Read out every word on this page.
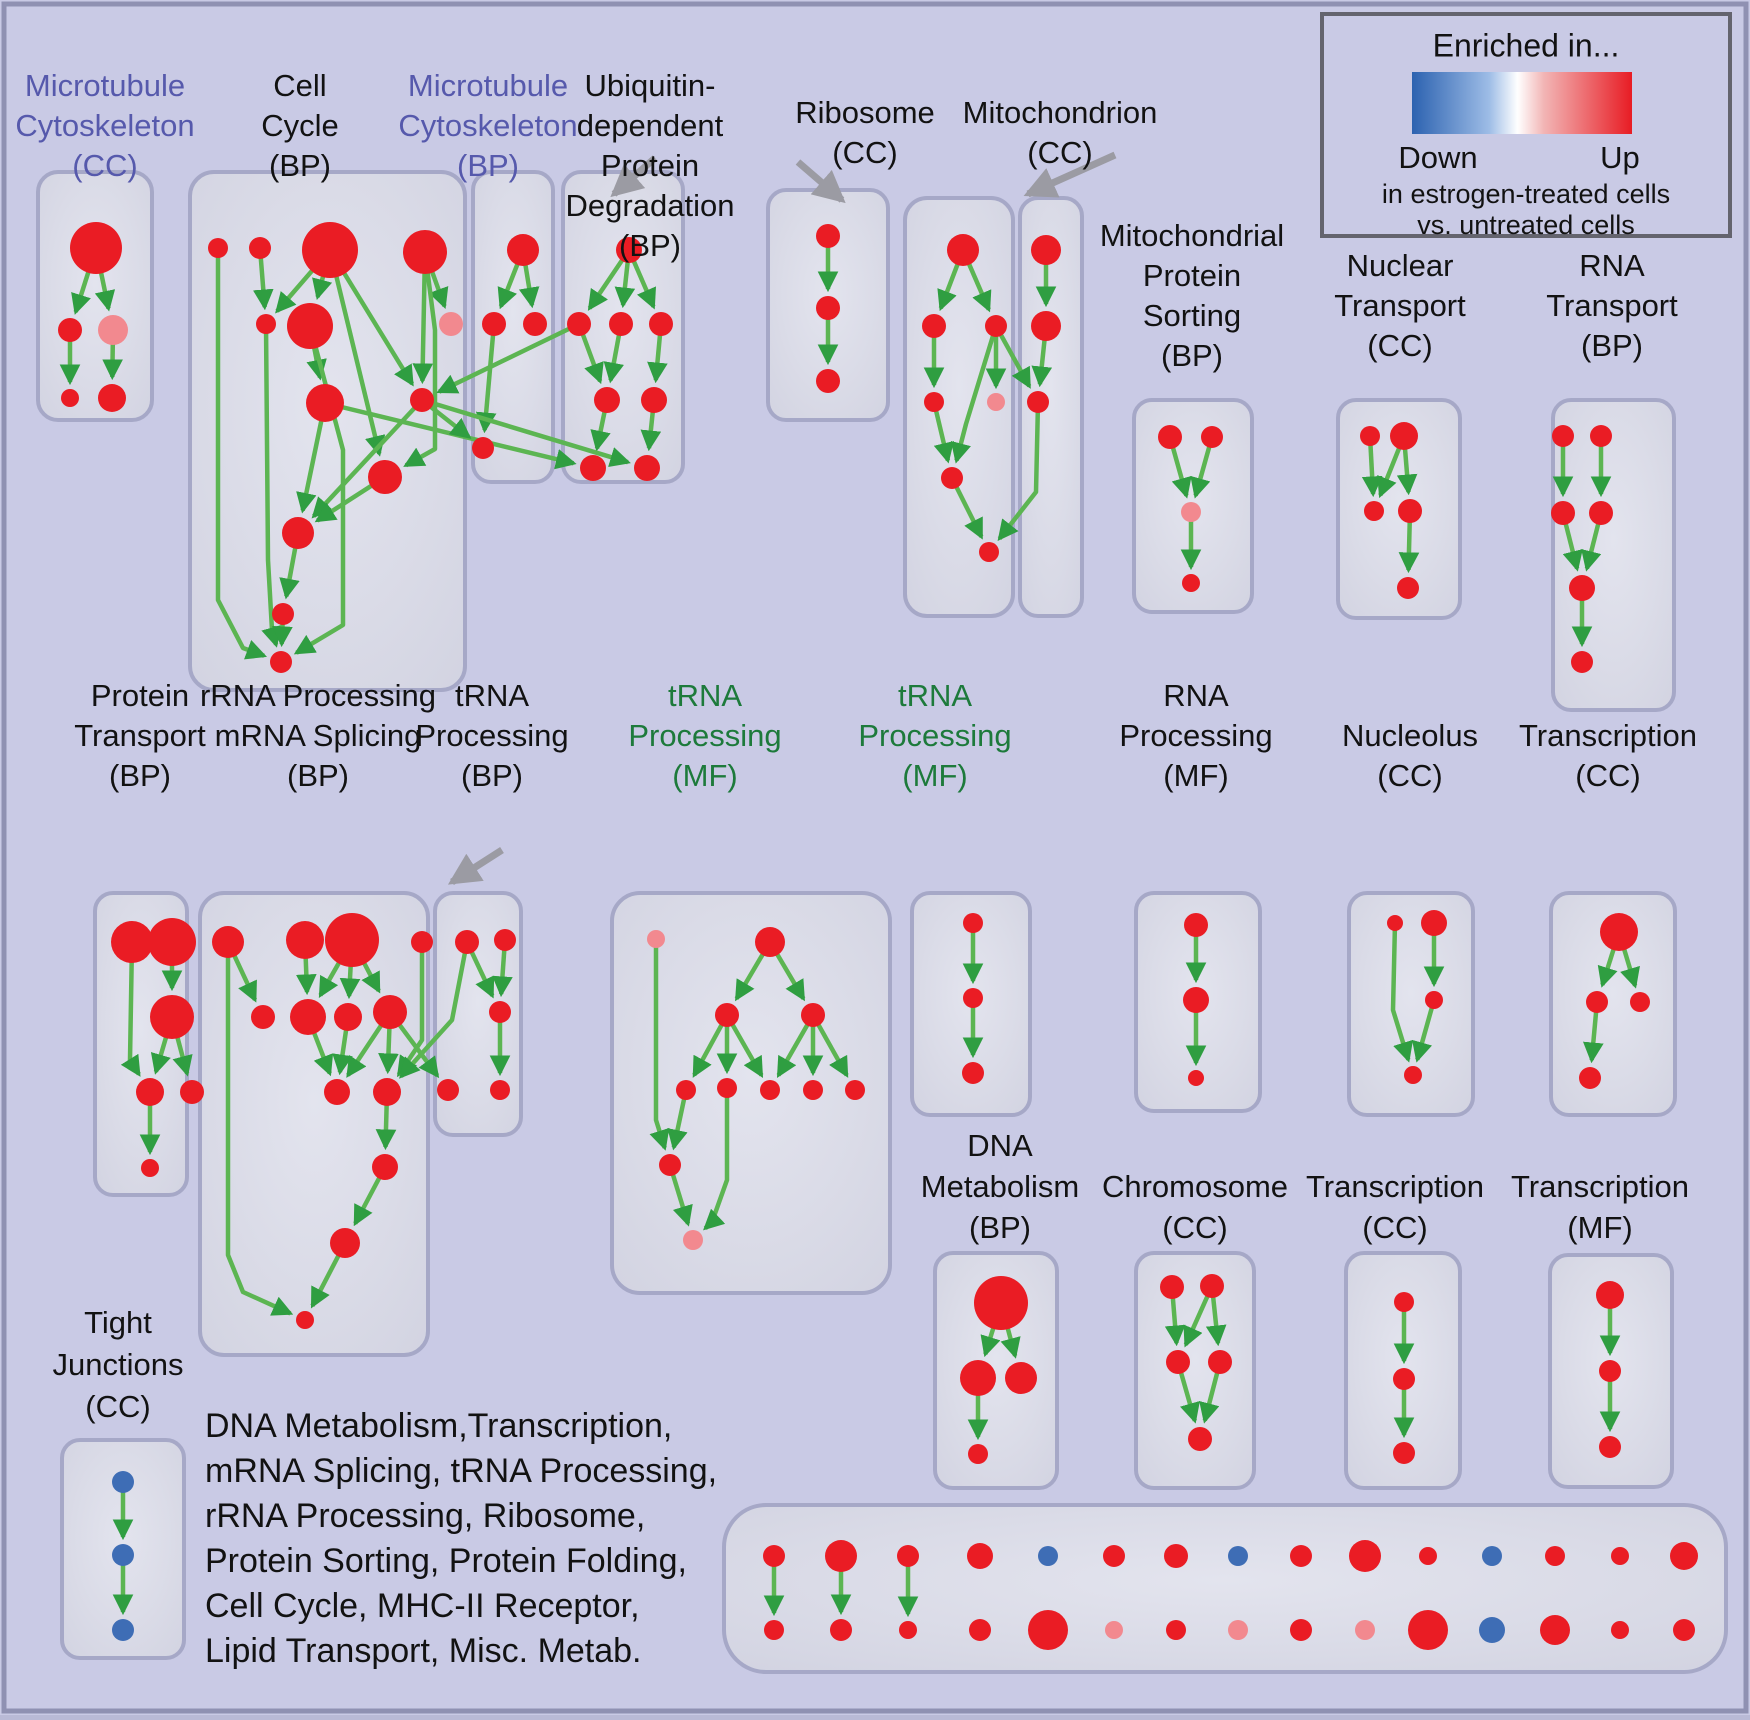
Microtubule
Cytoskeleton
(CC)
Cell
Cycle
(BP)
Microtubule
Cytoskeleton
(BP)
Ubiquitin-
dependent
Protein
Degradation
(BP)
Ribosome
(CC)
Mitochondrion
(CC)
Mitochondrial
Protein
Sorting
(BP)
Nuclear
Transport
(CC)
RNA
Transport
(BP)
Protein
Transport
(BP)
rRNA Processing
mRNA Splicing
(BP)
tRNA
Processing
(BP)
tRNA
Processing
(MF)
tRNA
Processing
(MF)
RNA
Processing
(MF)
Nucleolus
(CC)
Transcription
(CC)
DNA
Metabolism
(BP)
Chromosome
(CC)
Transcription
(CC)
Transcription
(MF)
Tight
Junctions
(CC)
DNA Metabolism,Transcription,
mRNA Splicing, tRNA Processing,
rRNA Processing, Ribosome,
Protein Sorting, Protein Folding,
Cell Cycle, MHC-II Receptor,
Lipid Transport, Misc. Metab.
Enriched in...
Down	Up
in estrogen-treated cells
vs. untreated cells
